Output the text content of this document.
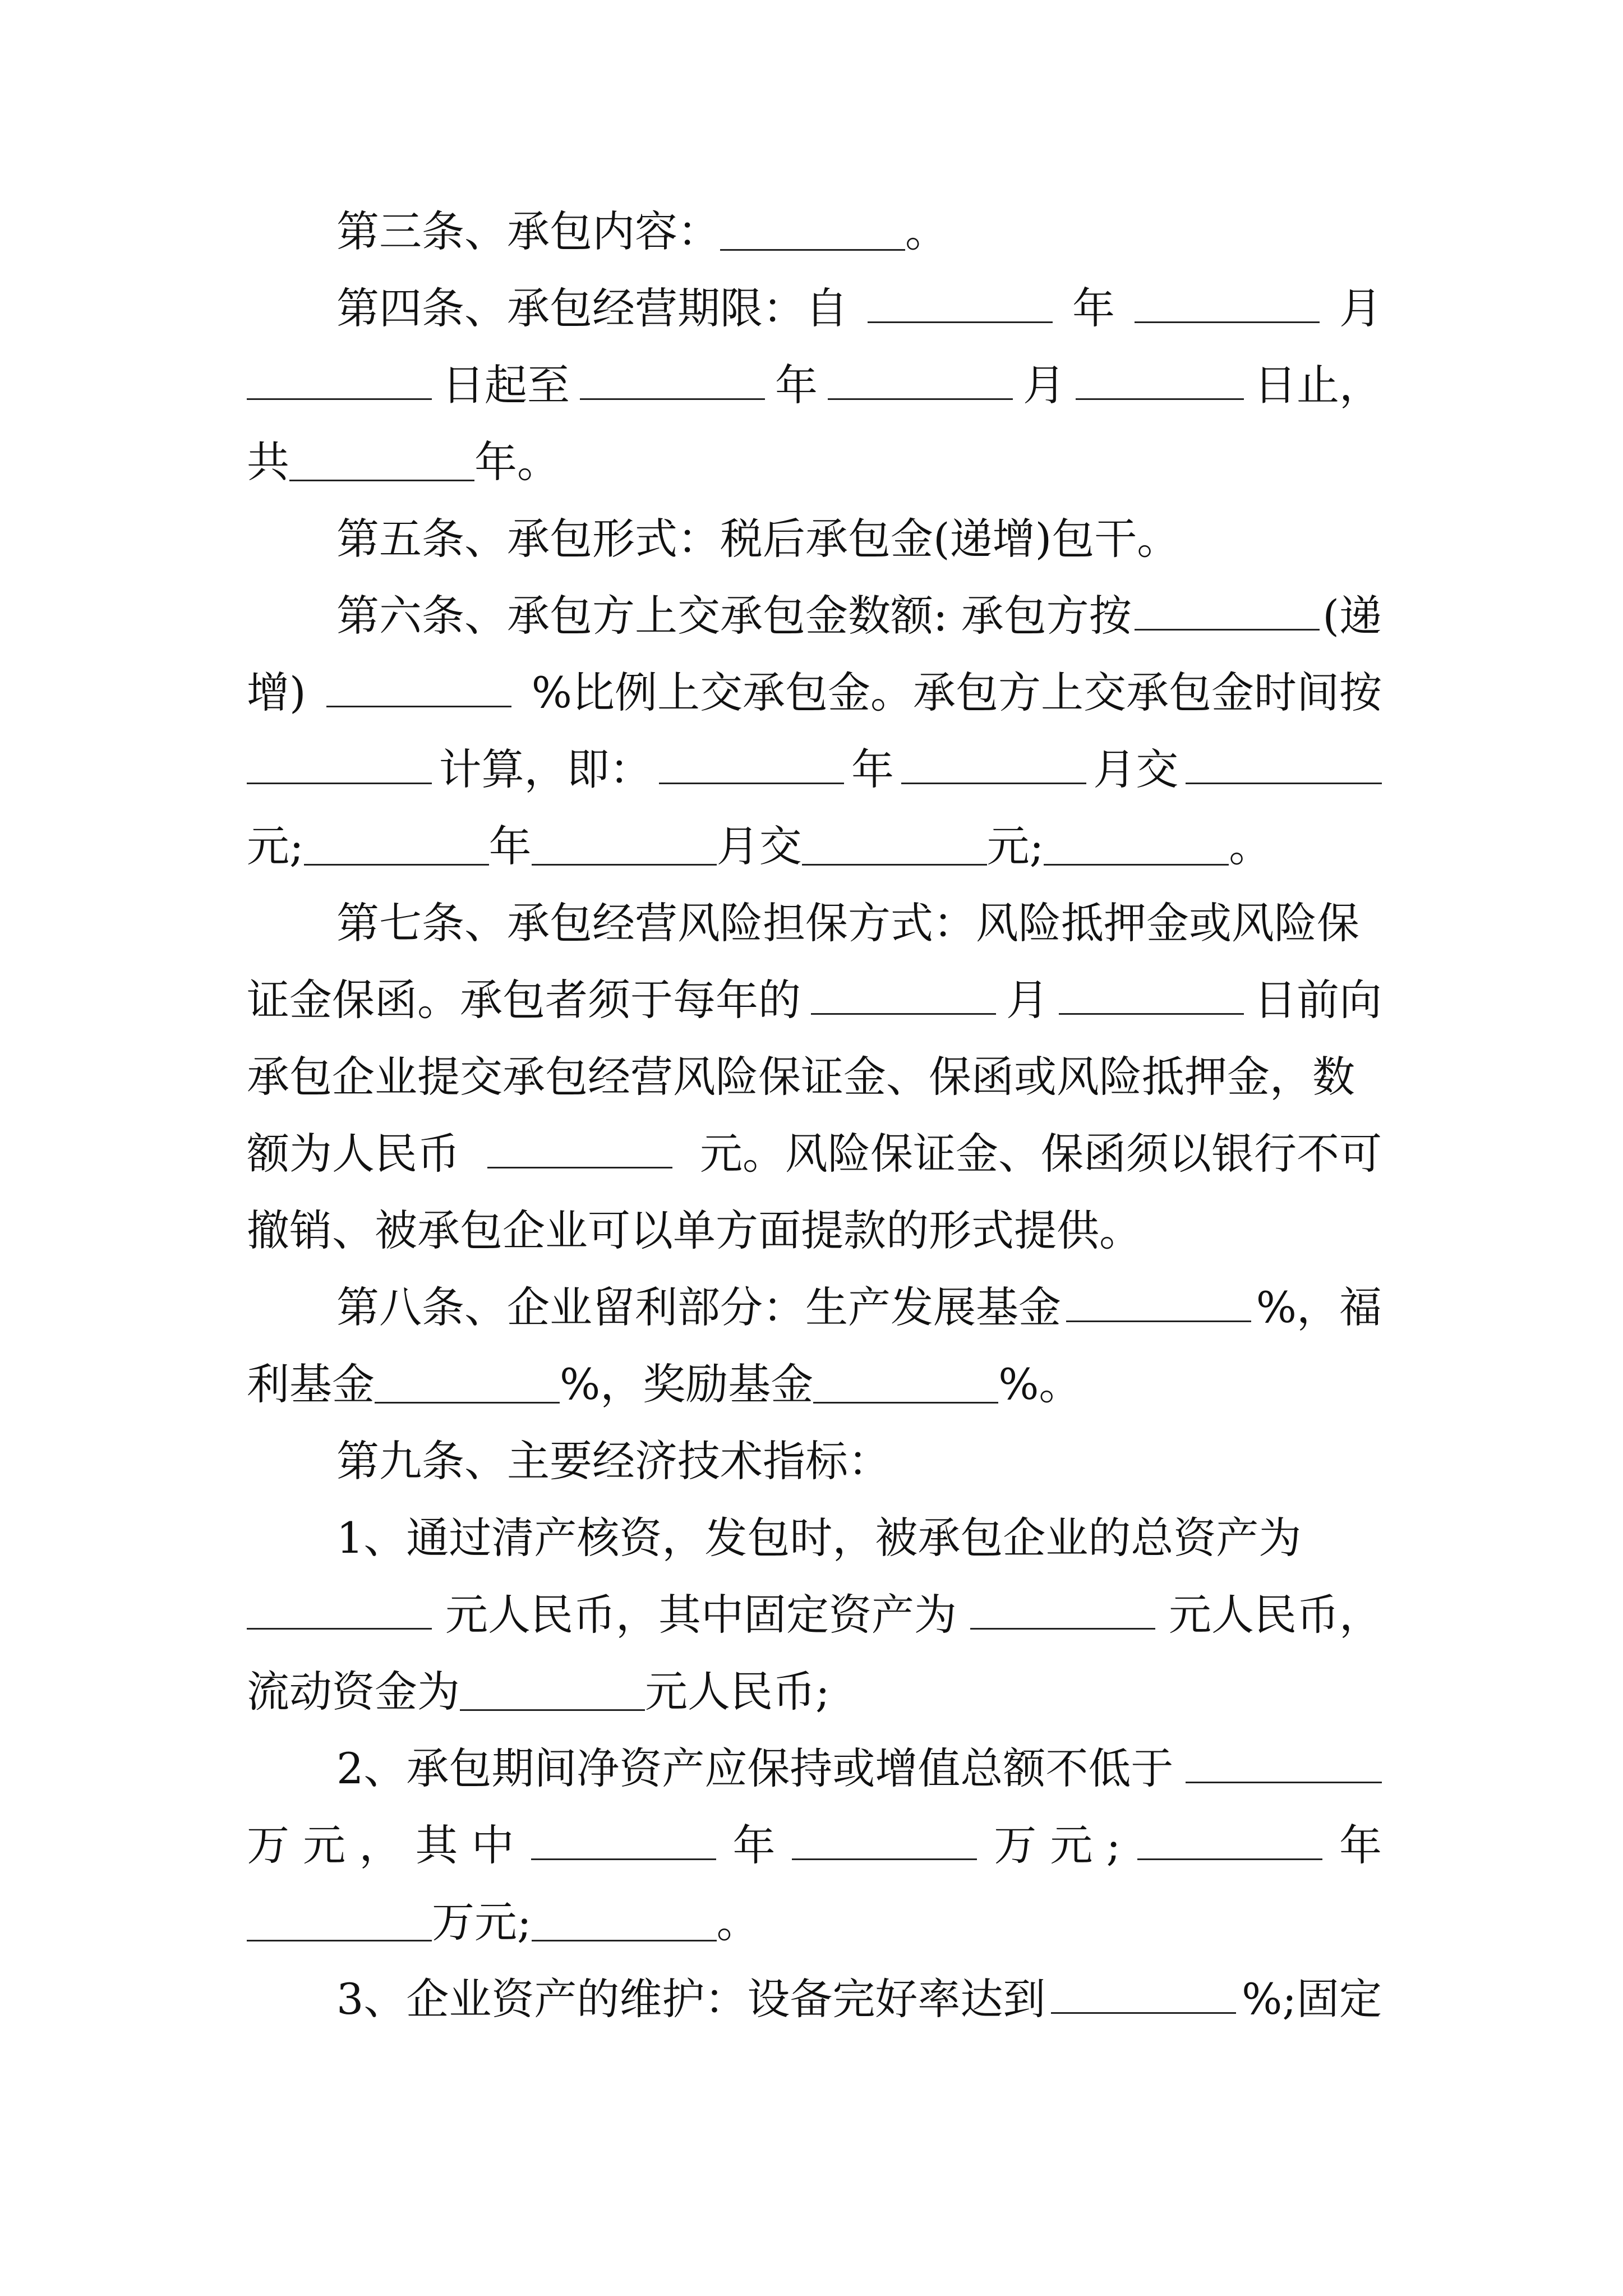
第三条、承包内容：	。
第四条、承包经营期限：自	年	月
日起至	年	月	日止，
共	年。
第五条、承包形式：税后承包金(递增)包干。
第六条、承包方上交承包金数额: 承包方按	(递
增)	%比例上交承包金。承包方上交承包金时间按
计算，即：	年	月交
元;	年	月交	元;	。
第七条、承包经营风险担保方式：风险抵押金或风险保
证金保函。承包者须于每年的	月	日前向
承包企业提交承包经营风险保证金、保函或风险抵押金，数
额为人民币	元。风险保证金、保函须以银行不可
撤销、被承包企业可以单方面提款的形式提供。
第八条、企业留利部分：生产发展基金	%，福
利基金	%，奖励基金	%。
第九条、主要经济技术指标：
1、通过清产核资，发包时，被承包企业的总资产为
元人民币，其中固定资产为	元人民币，
流动资金为	元人民币;
2、承包期间净资产应保持或增值总额不低于
万 元 ， 其 中	年	万 元 ;	年
万元;	。
3、企业资产的维护：设备完好率达到	%;固定
